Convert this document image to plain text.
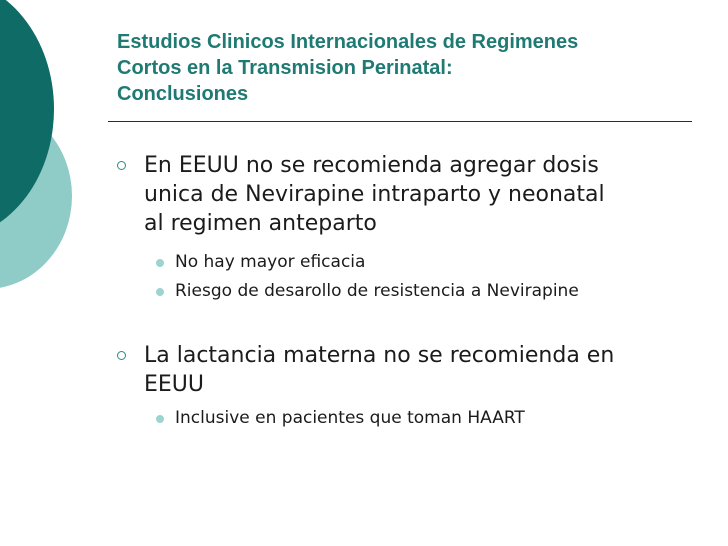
Estudios Clinicos Internacionales de Regimenes
Cortos en la Transmision Perinatal:
Conclusiones
En EEUU no se recomienda agregar dosis
unica de Nevirapine intraparto y neonatal
al regimen anteparto
No hay mayor eficacia
Riesgo de desarollo de resistencia a Nevirapine
La lactancia materna no se recomienda en
EEUU
Inclusive en pacientes que toman HAART
